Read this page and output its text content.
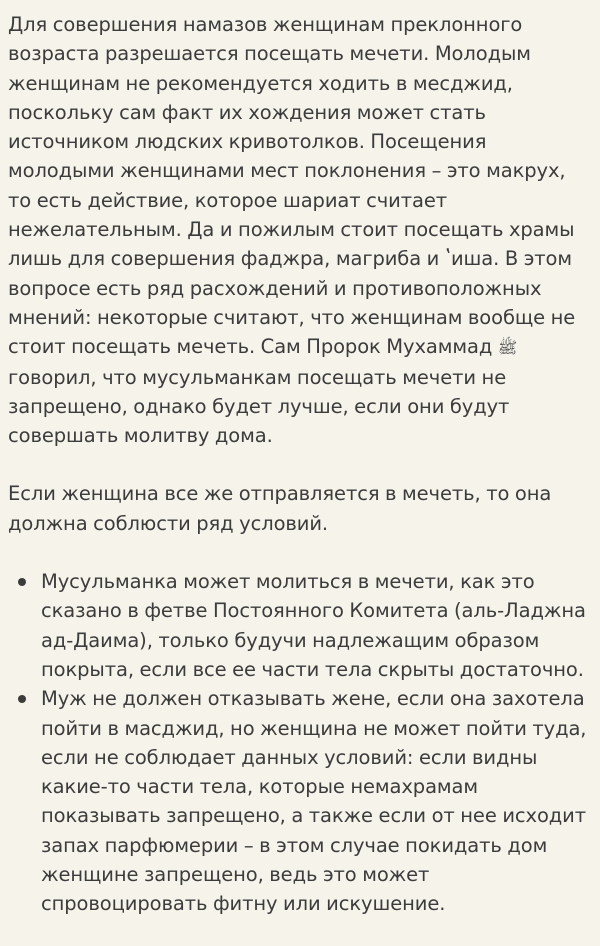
Для совершения намазов женщинам преклонного возраста разрешается посещать мечети. Молодым женщинам не рекомендуется ходить в месджид, поскольку сам факт их хождения может стать источником людских кривотолков. Посещения молодыми женщинами мест поклонения – это макрух, то есть действие, которое шариат считает нежелательным. Да и пожилым стоит посещать храмы лишь для совершения фаджра, магриба и ʽиша. В этом вопросе есть ряд расхождений и противоположных мнений: некоторые считают, что женщинам вообще не стоит посещать мечеть. Сам Пророк Мухаммад ﷺ говорил, что мусульманкам посещать мечети не запрещено, однако будет лучше, если они будут совершать молитву дома.

Если женщина все же отправляется в мечеть, то она должна соблюсти ряд условий.

Мусульманка может молиться в мечети, как это сказано в фетве Постоянного Комитета (аль-Ладжна ад-Даима), только будучи надлежащим образом покрыта, если все ее части тела скрыты достаточно.
Муж не должен отказывать жене, если она захотела пойти в масджид, но женщина не может пойти туда, если не соблюдает данных условий: если видны какие-то части тела, которые немахрамам показывать запрещено, а также если от нее исходит запах парфюмерии – в этом случае покидать дом женщине запрещено, ведь это может спровоцировать фитну или искушение.
